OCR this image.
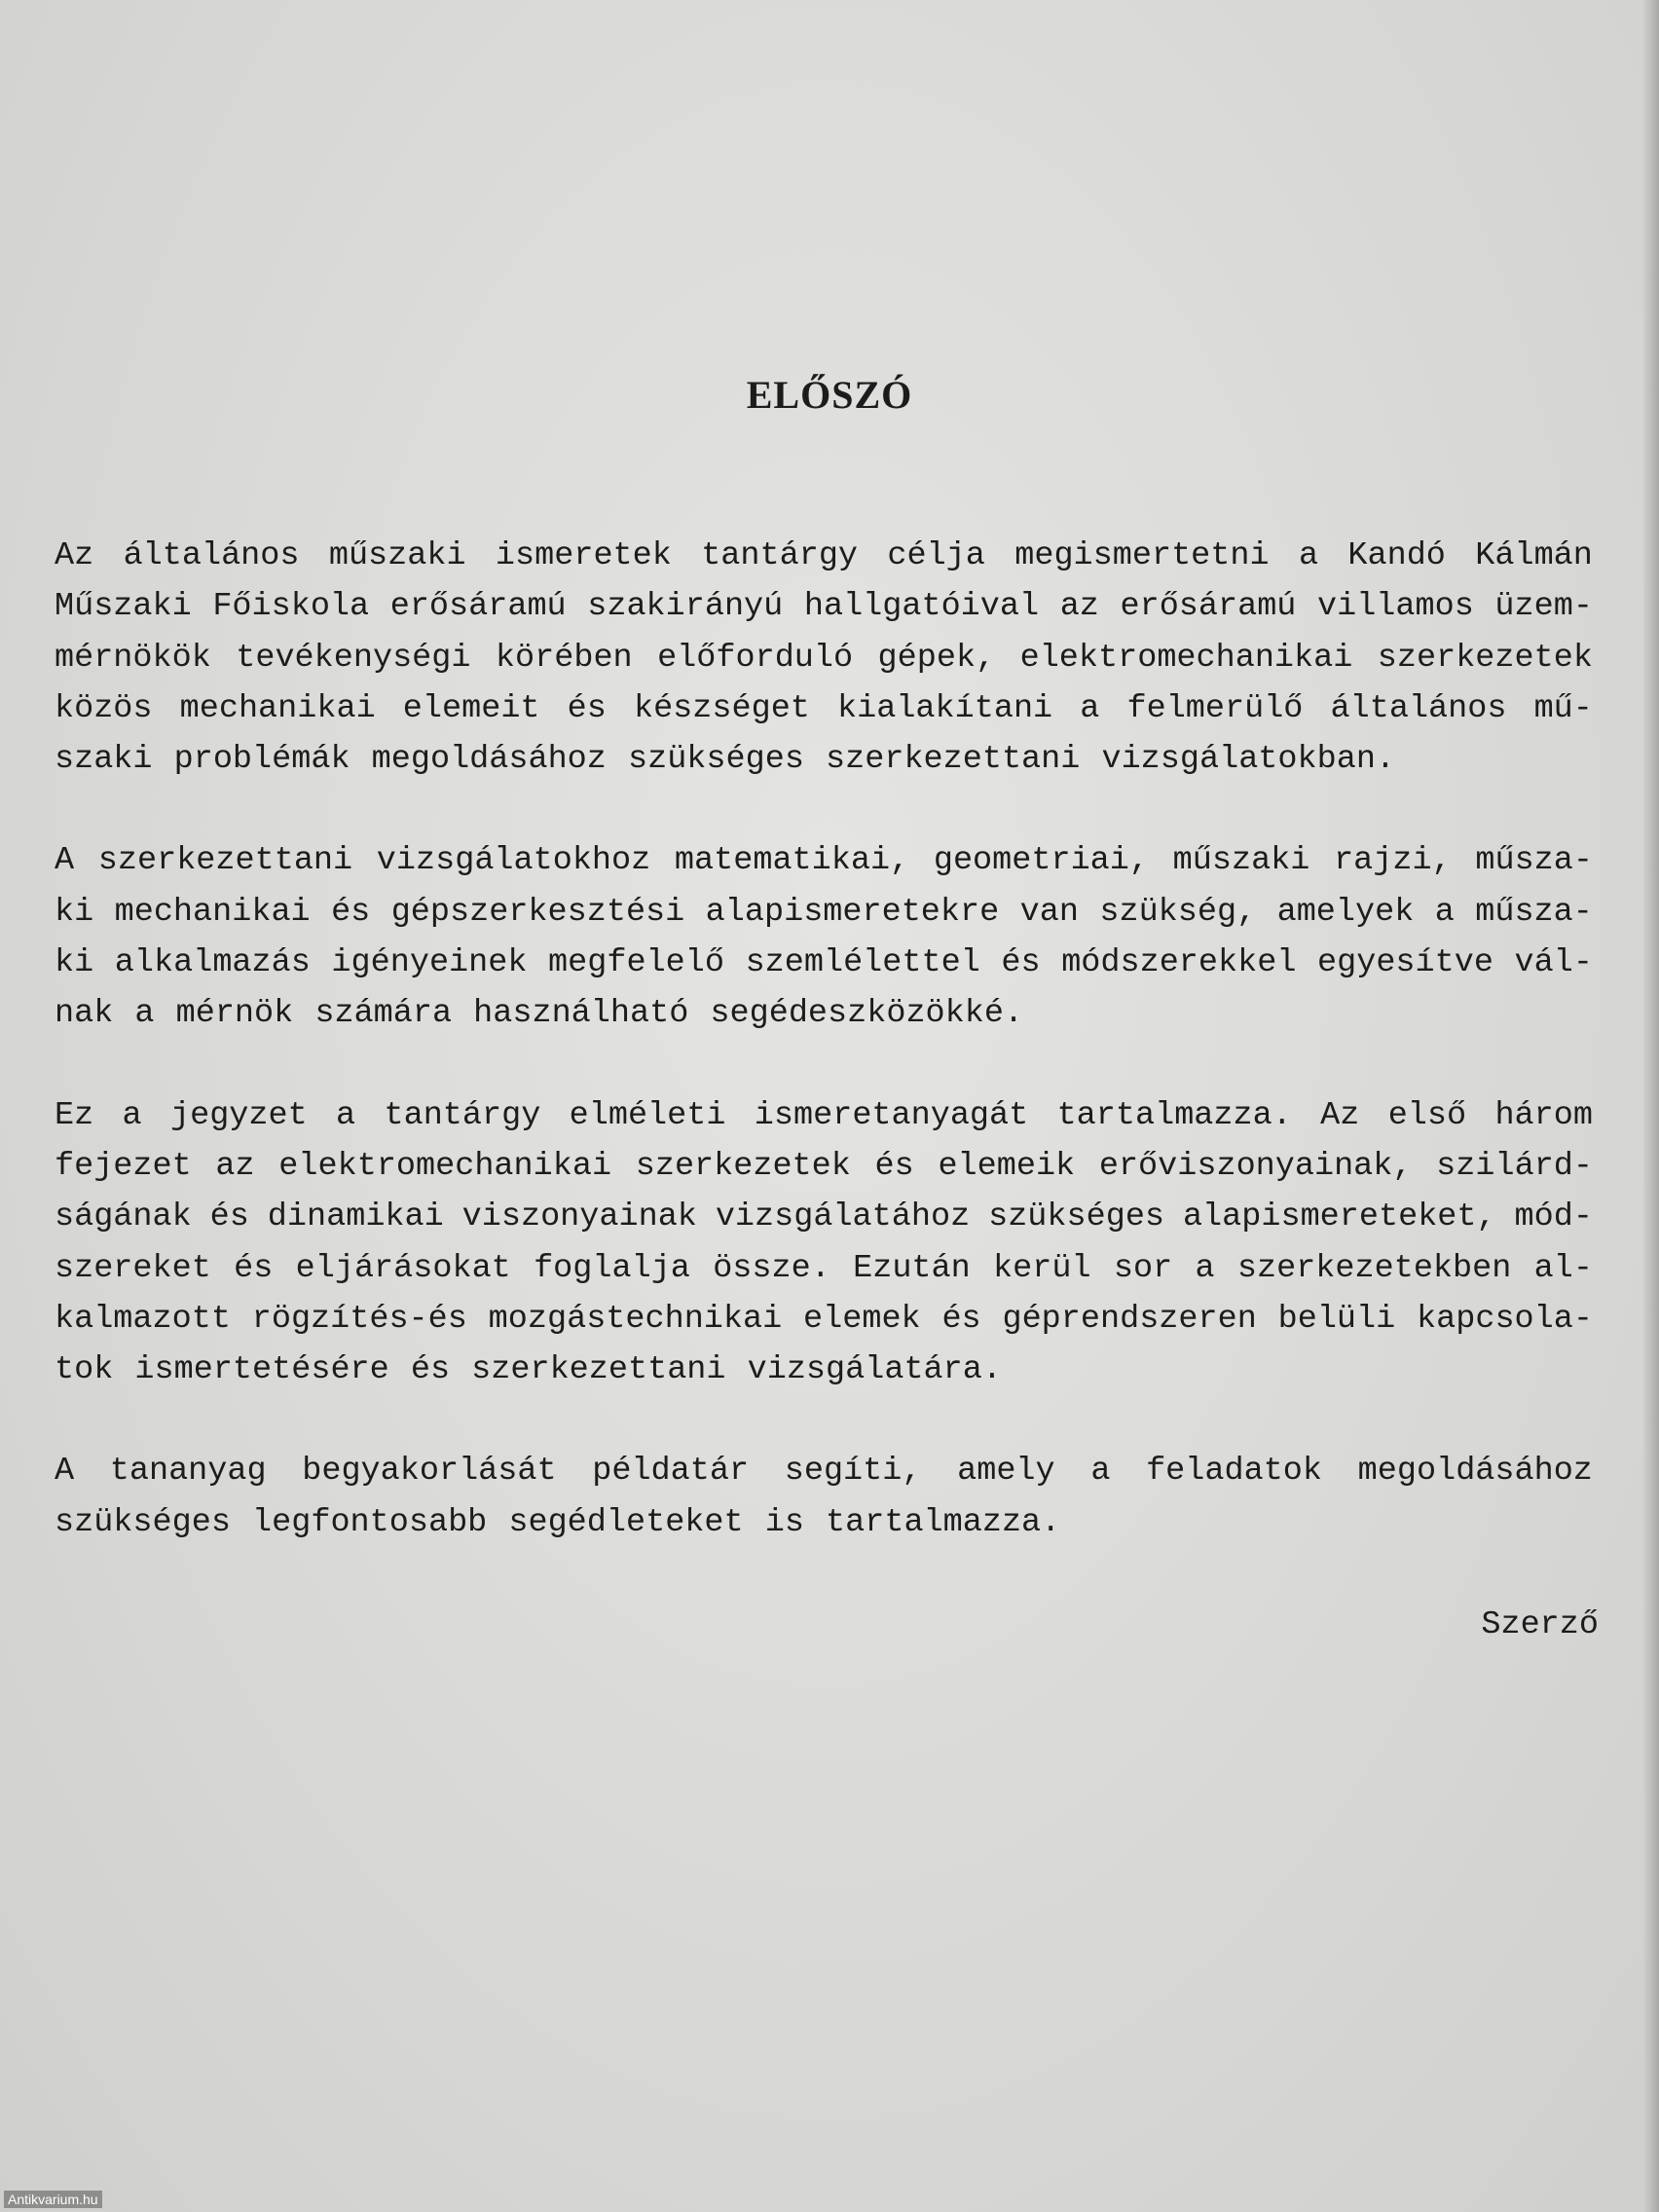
ELŐSZÓ

Az általános műszaki ismeretek tantárgy célja megismertetni a Kandó Kálmán
Műszaki Főiskola erősáramú szakirányú hallgatóival az erősáramú villamos üzem-
mérnökök tevékenységi körében előforduló gépek, elektromechanikai szerkezetek
közös mechanikai elemeit és készséget kialakítani a felmerülő általános mű-
szaki problémák megoldásához szükséges szerkezettani vizsgálatokban.

A szerkezettani vizsgálatokhoz matematikai, geometriai, műszaki rajzi, műsza-
ki mechanikai és gépszerkesztési alapismeretekre van szükség, amelyek a műsza-
ki alkalmazás igényeinek megfelelő szemlélettel és módszerekkel egyesítve vál-
nak a mérnök számára használható segédeszközökké.

Ez a jegyzet a tantárgy elméleti ismeretanyagát tartalmazza. Az első három
fejezet az elektromechanikai szerkezetek és elemeik erőviszonyainak, szilárd-
ságának és dinamikai viszonyainak vizsgálatához szükséges alapismereteket, mód-
szereket és eljárásokat foglalja össze. Ezután kerül sor a szerkezetekben al-
kalmazott rögzítés-és mozgástechnikai elemek és géprendszeren belüli kapcsola-
tok ismertetésére és szerkezettani vizsgálatára.

A tananyag begyakorlását példatár segíti, amely a feladatok megoldásához
szükséges legfontosabb segédleteket is tartalmazza.

Szerző
Antikvarium.hu
